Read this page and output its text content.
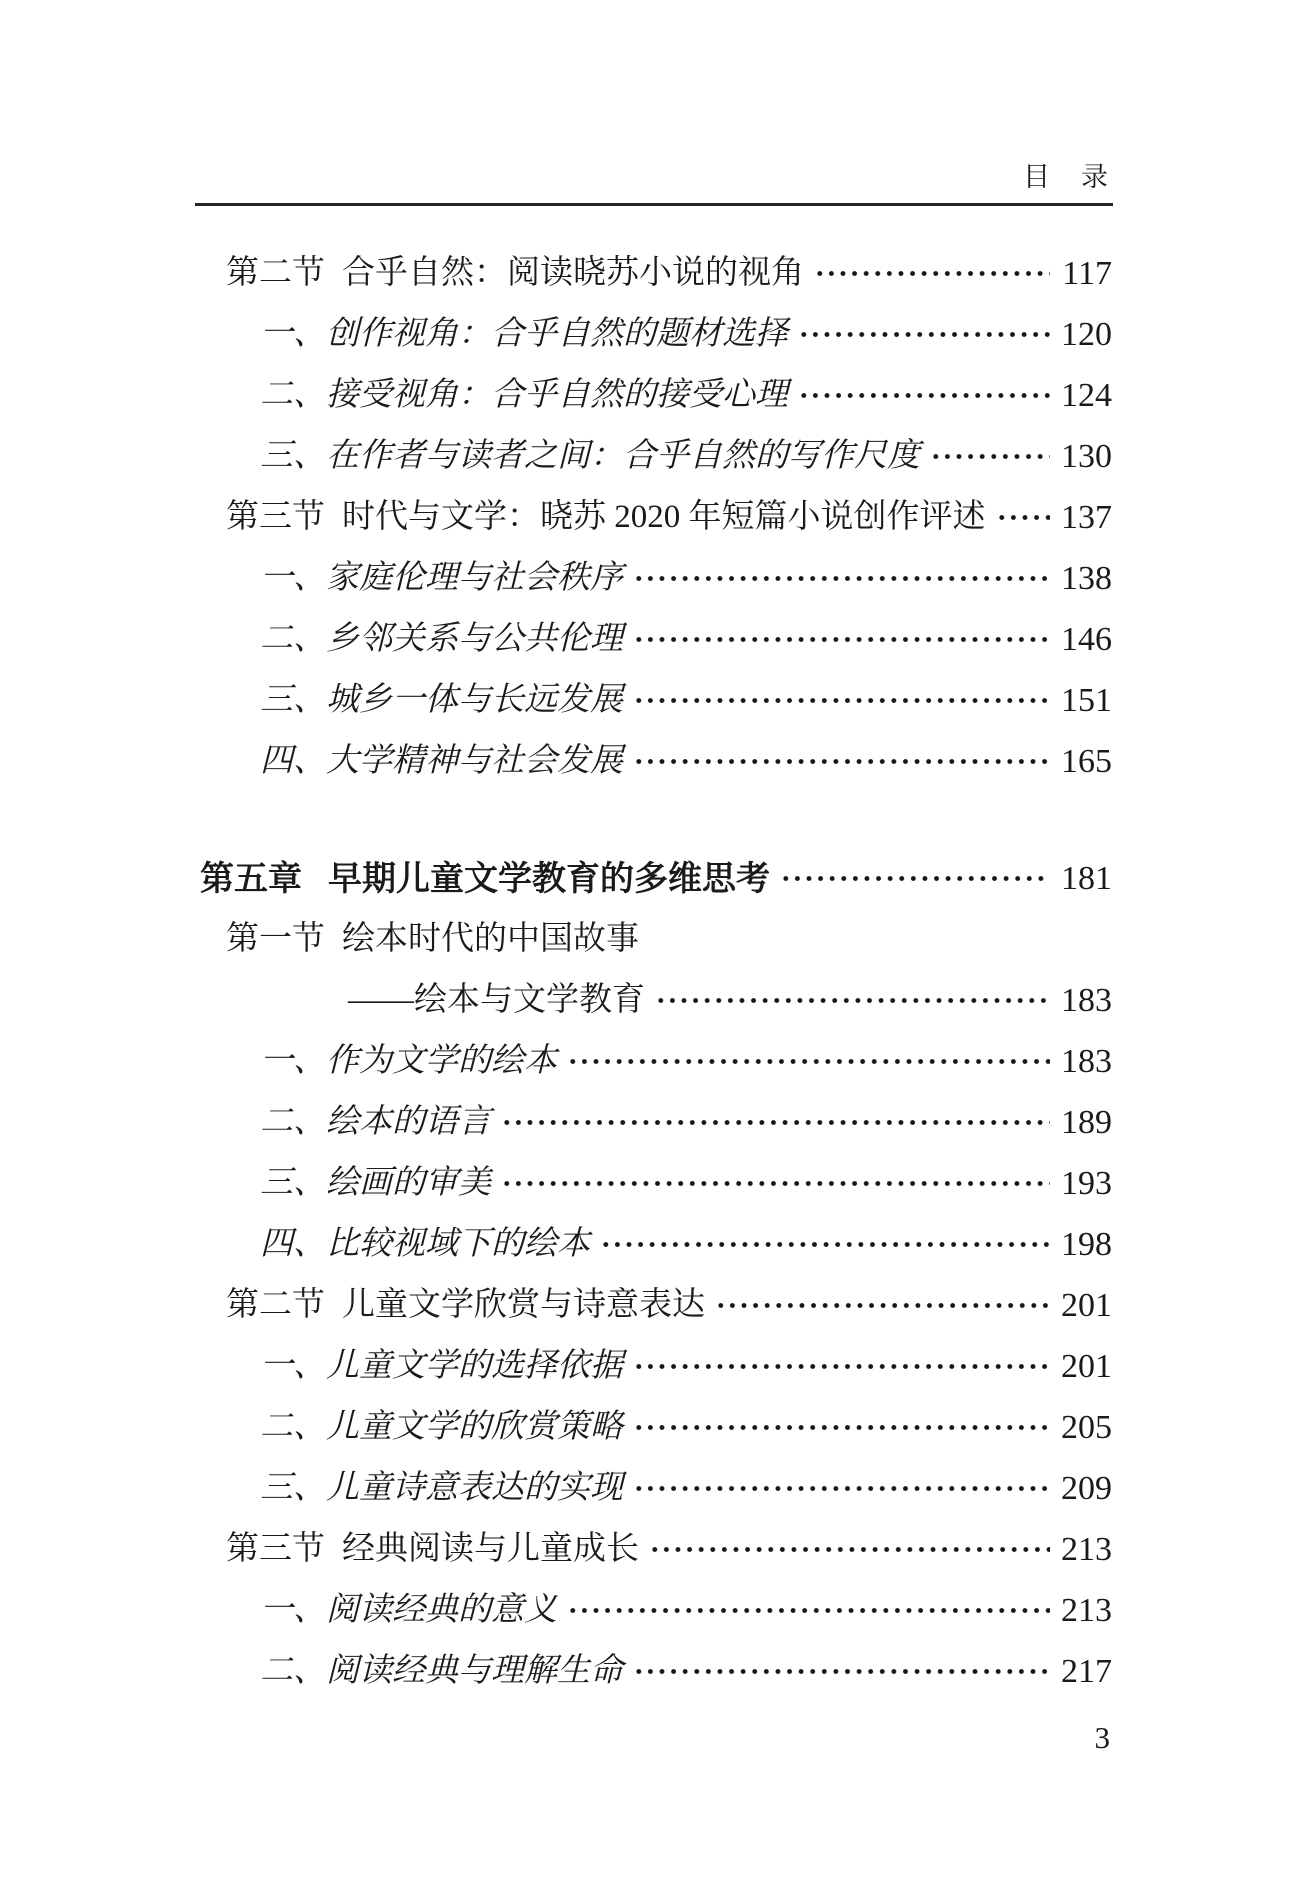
目　录
第二节 合乎自然：阅读晓苏小说的视角	117
一、 创作视角：合乎自然的题材选择	120
二、 接受视角：合乎自然的接受心理	124
三、 在作者与读者之间：合乎自然的写作尺度	130
第三节 时代与文学：晓苏 2020 年短篇小说创作评述 137
一、 家庭伦理与社会秩序	138
二、 乡邻关系与公共伦理	146
三、 城乡一体与长远发展	151
四、 大学精神与社会发展	165
第五章 早期儿童文学教育的多维思考	181
第一节 绘本时代的中国故事
——绘本与文学教育	183
一、 作为文学的绘本	183
二、 绘本的语言	189
三、 绘画的审美	193
四、 比较视域下的绘本	198
第二节 儿童文学欣赏与诗意表达	201
一、 儿童文学的选择依据	201
二、 儿童文学的欣赏策略	205
三、 儿童诗意表达的实现	209
第三节 经典阅读与儿童成长	213
一、 阅读经典的意义	213
二、 阅读经典与理解生命	217
3
